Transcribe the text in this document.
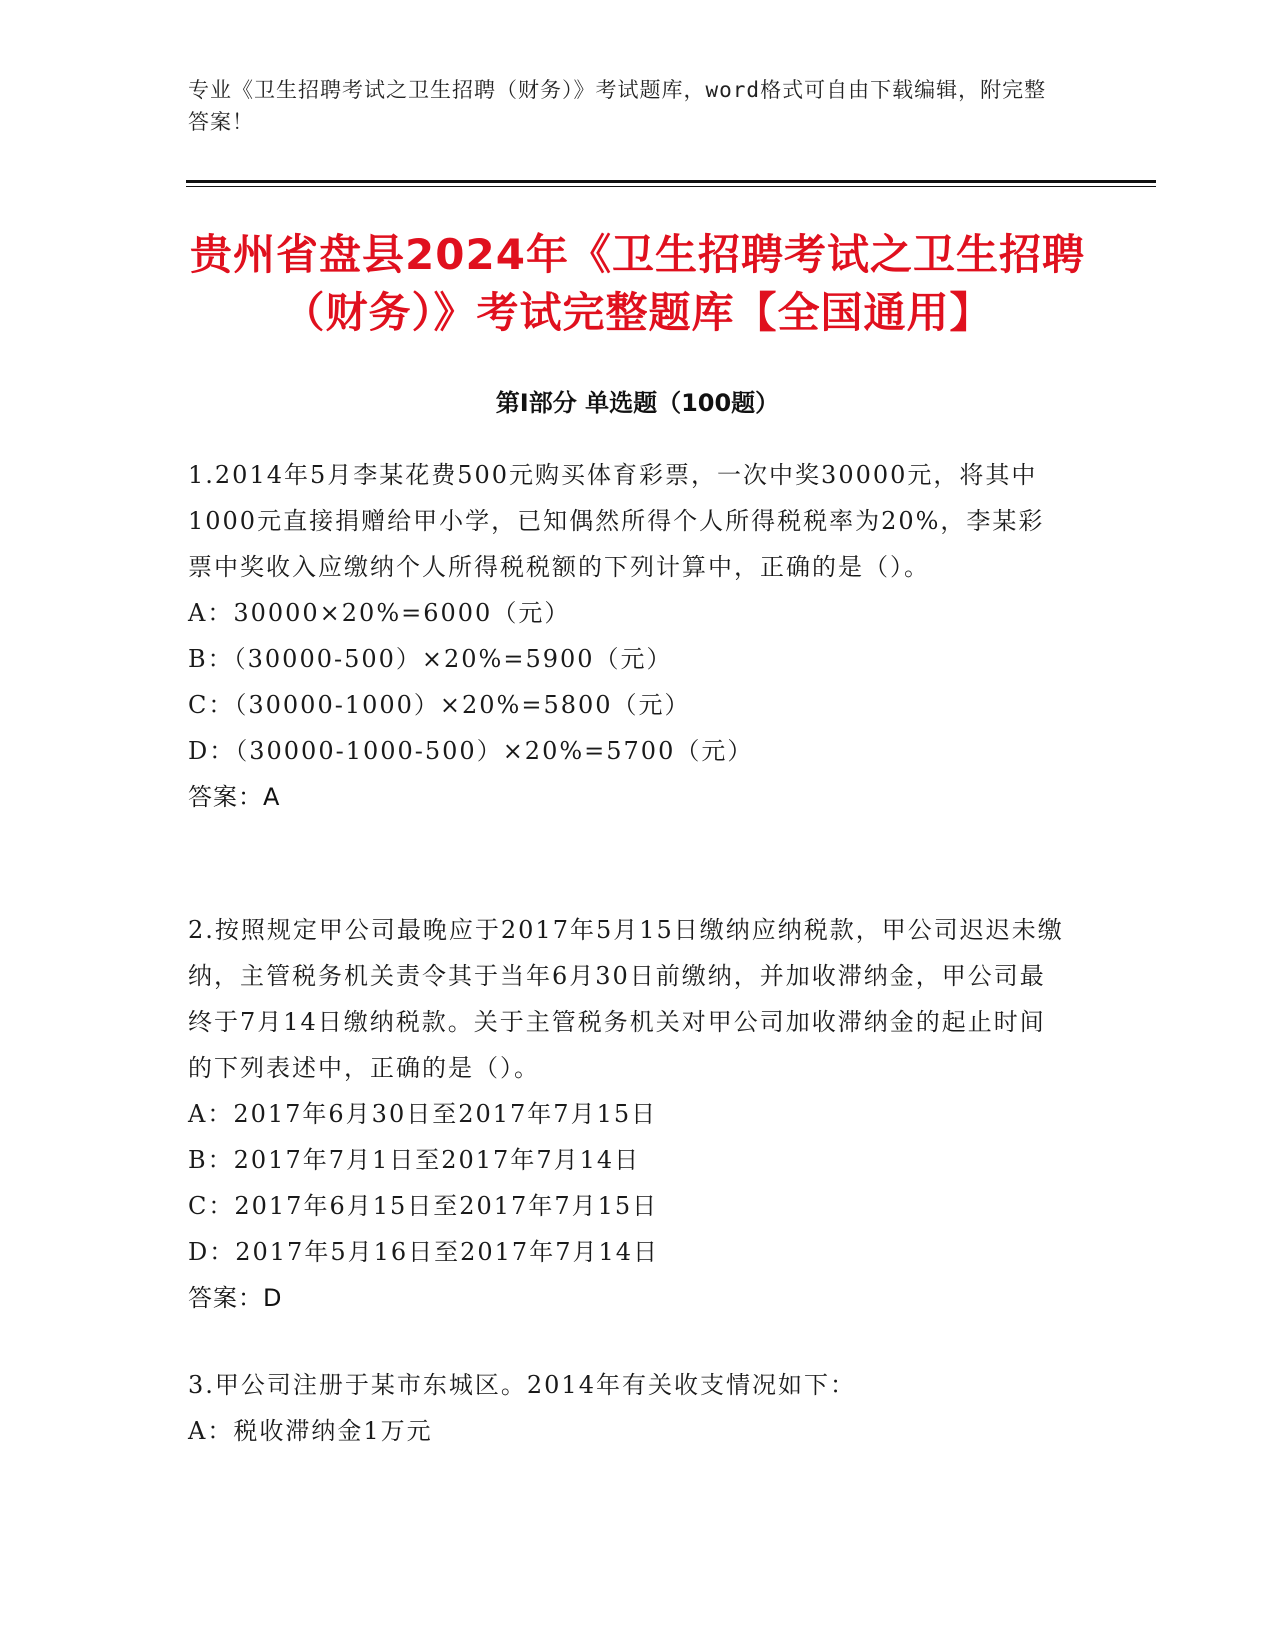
专业《卫生招聘考试之卫生招聘（财务）》考试题库，word格式可自由下载编辑，附完整答案！
贵州省盘县2024年《卫生招聘考试之卫生招聘（财务）》考试完整题库【全国通用】
第I部分 单选题（100题）
1.2014年5月李某花费500元购买体育彩票，一次中奖30000元，将其中1000元直接捐赠给甲小学，已知偶然所得个人所得税税率为20%，李某彩票中奖收入应缴纳个人所得税税额的下列计算中，正确的是（）。
A：30000×20%=6000（元）
B：（30000-500）×20%=5900（元）
C：（30000-1000）×20%=5800（元）
D：（30000-1000-500）×20%=5700（元）
答案：A
2.按照规定甲公司最晚应于2017年5月15日缴纳应纳税款，甲公司迟迟未缴纳，主管税务机关责令其于当年6月30日前缴纳，并加收滞纳金，甲公司最终于7月14日缴纳税款。关于主管税务机关对甲公司加收滞纳金的起止时间的下列表述中，正确的是（）。
A：2017年6月30日至2017年7月15日
B：2017年7月1日至2017年7月14日
C：2017年6月15日至2017年7月15日
D：2017年5月16日至2017年7月14日
答案：D
3.甲公司注册于某市东城区。2014年有关收支情况如下：
A：税收滞纳金1万元
